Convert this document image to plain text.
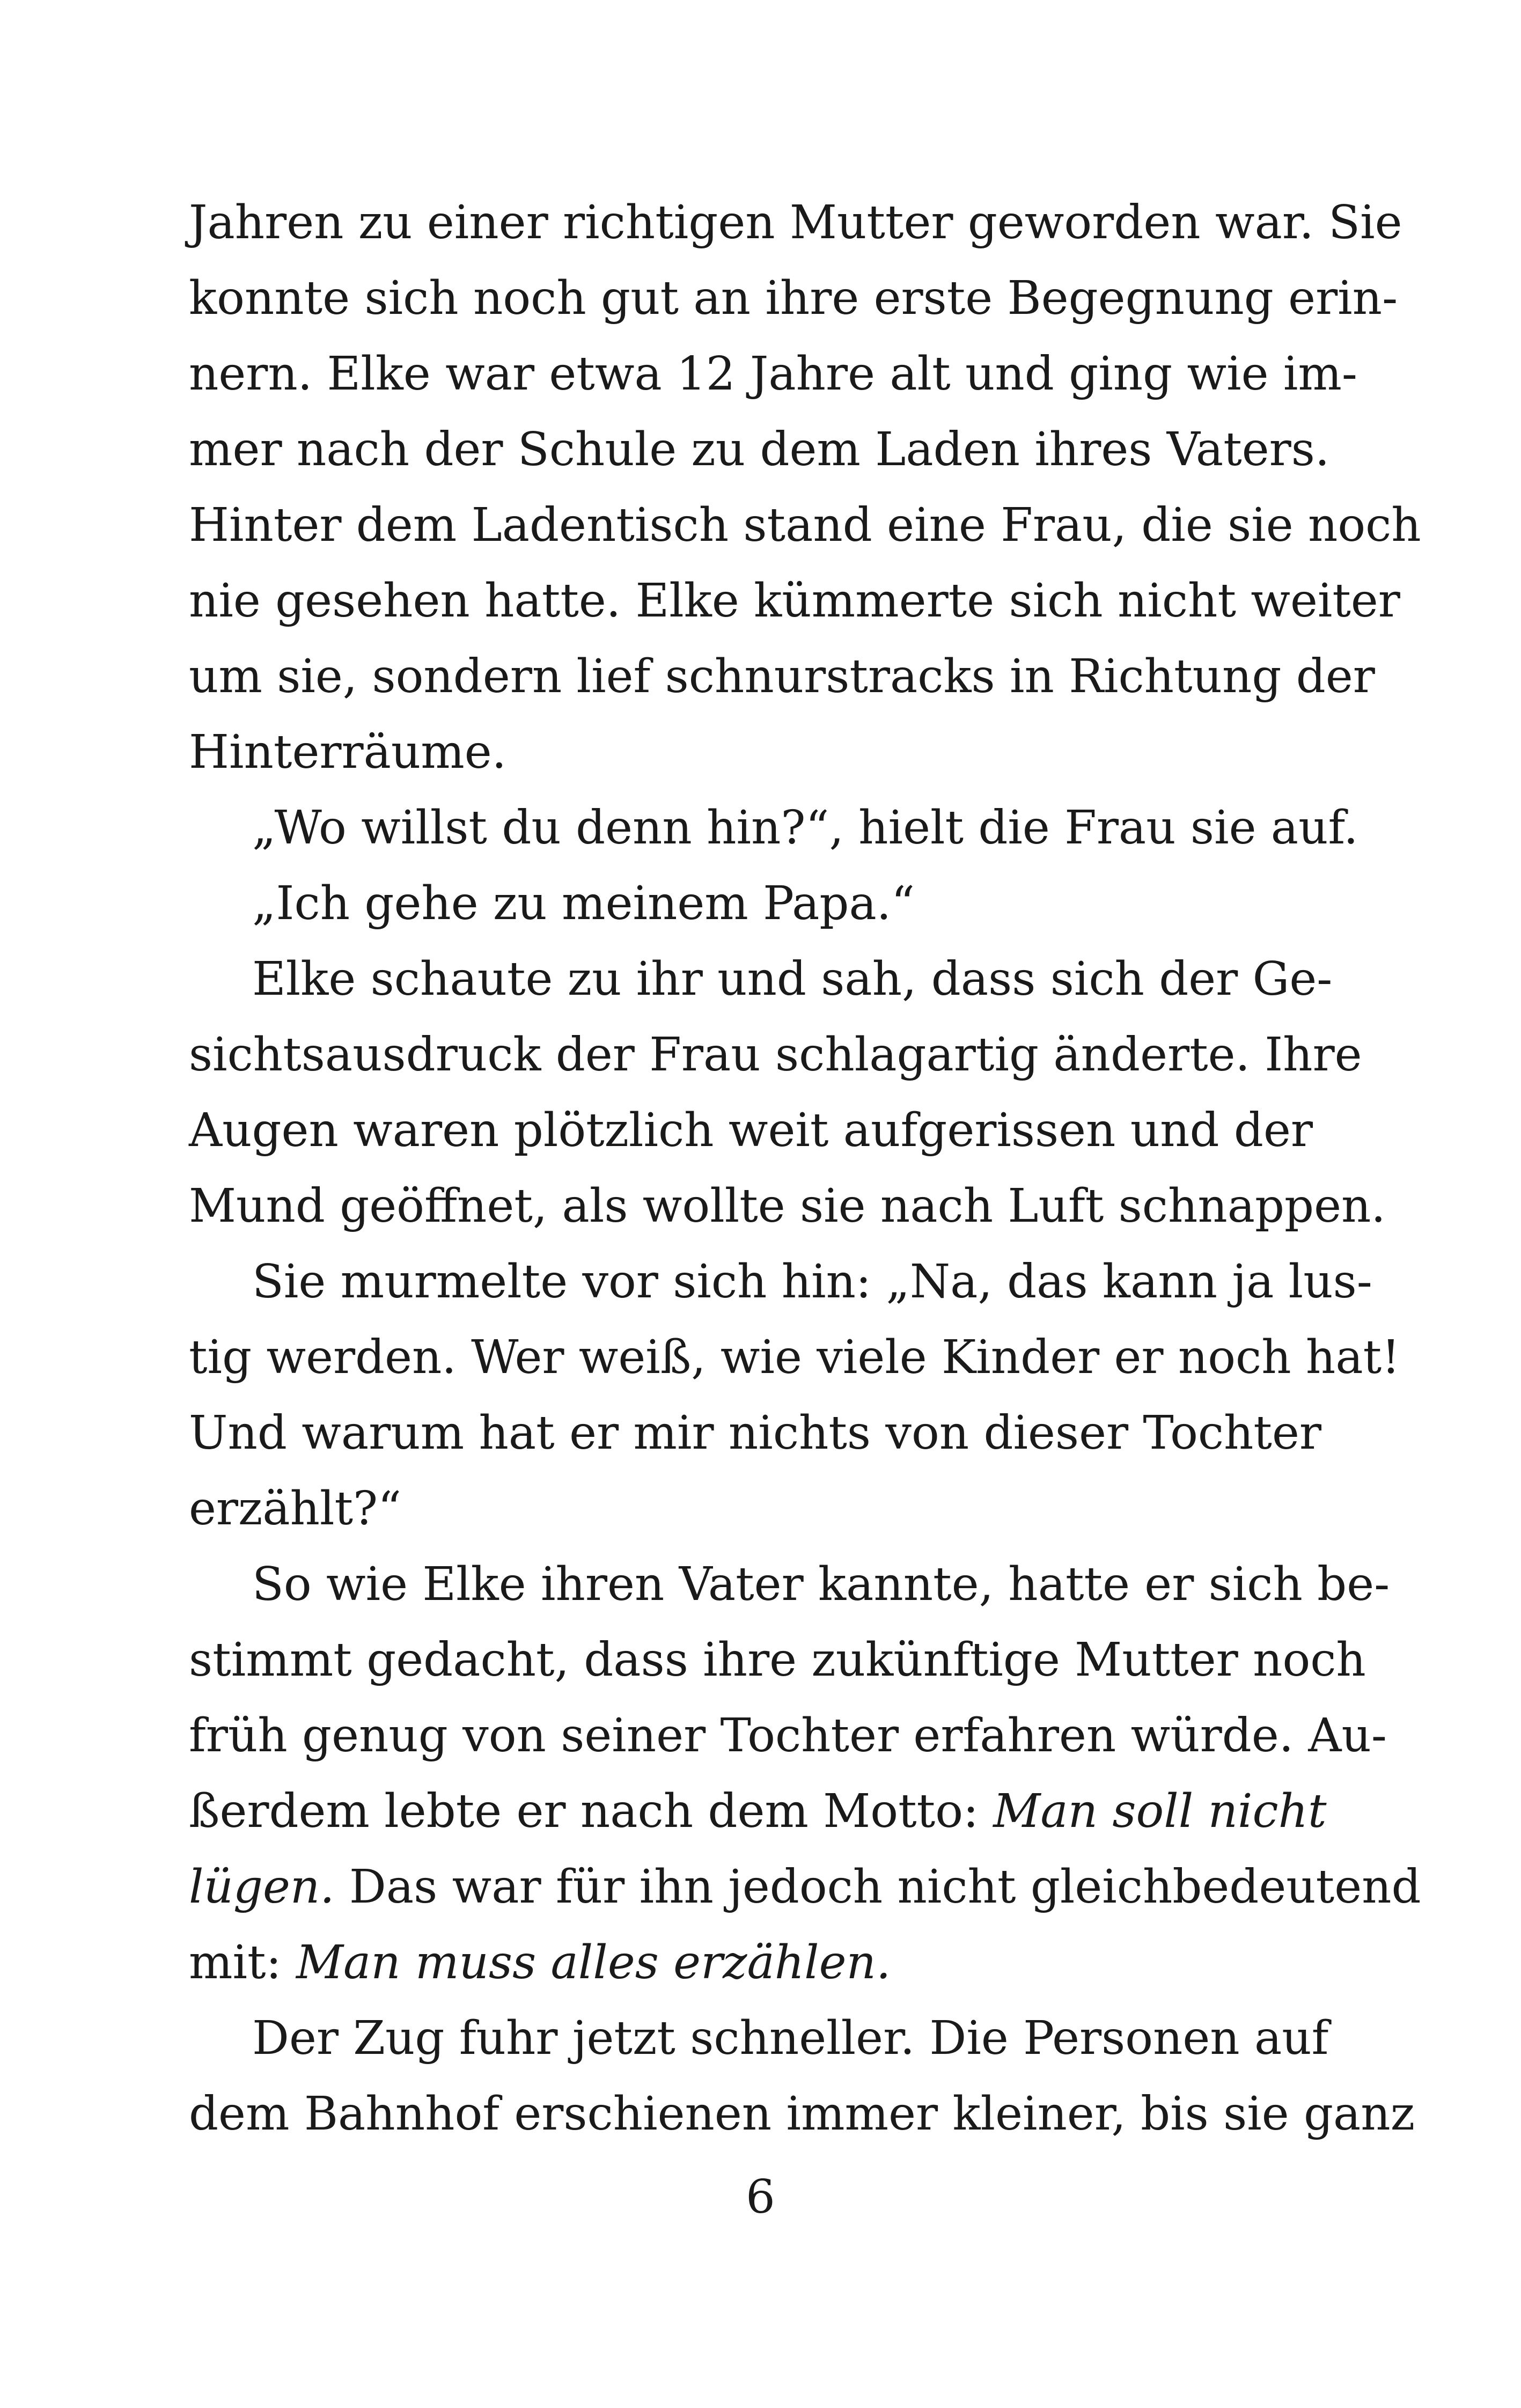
Jahren zu einer richtigen Mutter geworden war. Sie
konnte sich noch gut an ihre erste Begegnung erin-
nern. Elke war etwa 12 Jahre alt und ging wie im-
mer nach der Schule zu dem Laden ihres Vaters.
Hinter dem Ladentisch stand eine Frau, die sie noch
nie gesehen hatte. Elke kümmerte sich nicht weiter
um sie, sondern lief schnurstracks in Richtung der
Hinterräume.
„Wo willst du denn hin?“, hielt die Frau sie auf.
„Ich gehe zu meinem Papa.“
Elke schaute zu ihr und sah, dass sich der Ge-
sichtsausdruck der Frau schlagartig änderte. Ihre
Augen waren plötzlich weit aufgerissen und der
Mund geöffnet, als wollte sie nach Luft schnappen.
Sie murmelte vor sich hin: „Na, das kann ja lus-
tig werden. Wer weiß, wie viele Kinder er noch hat!
Und warum hat er mir nichts von dieser Tochter
erzählt?“
So wie Elke ihren Vater kannte, hatte er sich be-
stimmt gedacht, dass ihre zukünftige Mutter noch
früh genug von seiner Tochter erfahren würde. Au-
ßerdem lebte er nach dem Motto: Man soll nicht
lügen. Das war für ihn jedoch nicht gleichbedeutend
mit: Man muss alles erzählen.
Der Zug fuhr jetzt schneller. Die Personen auf
dem Bahnhof erschienen immer kleiner, bis sie ganz
6
